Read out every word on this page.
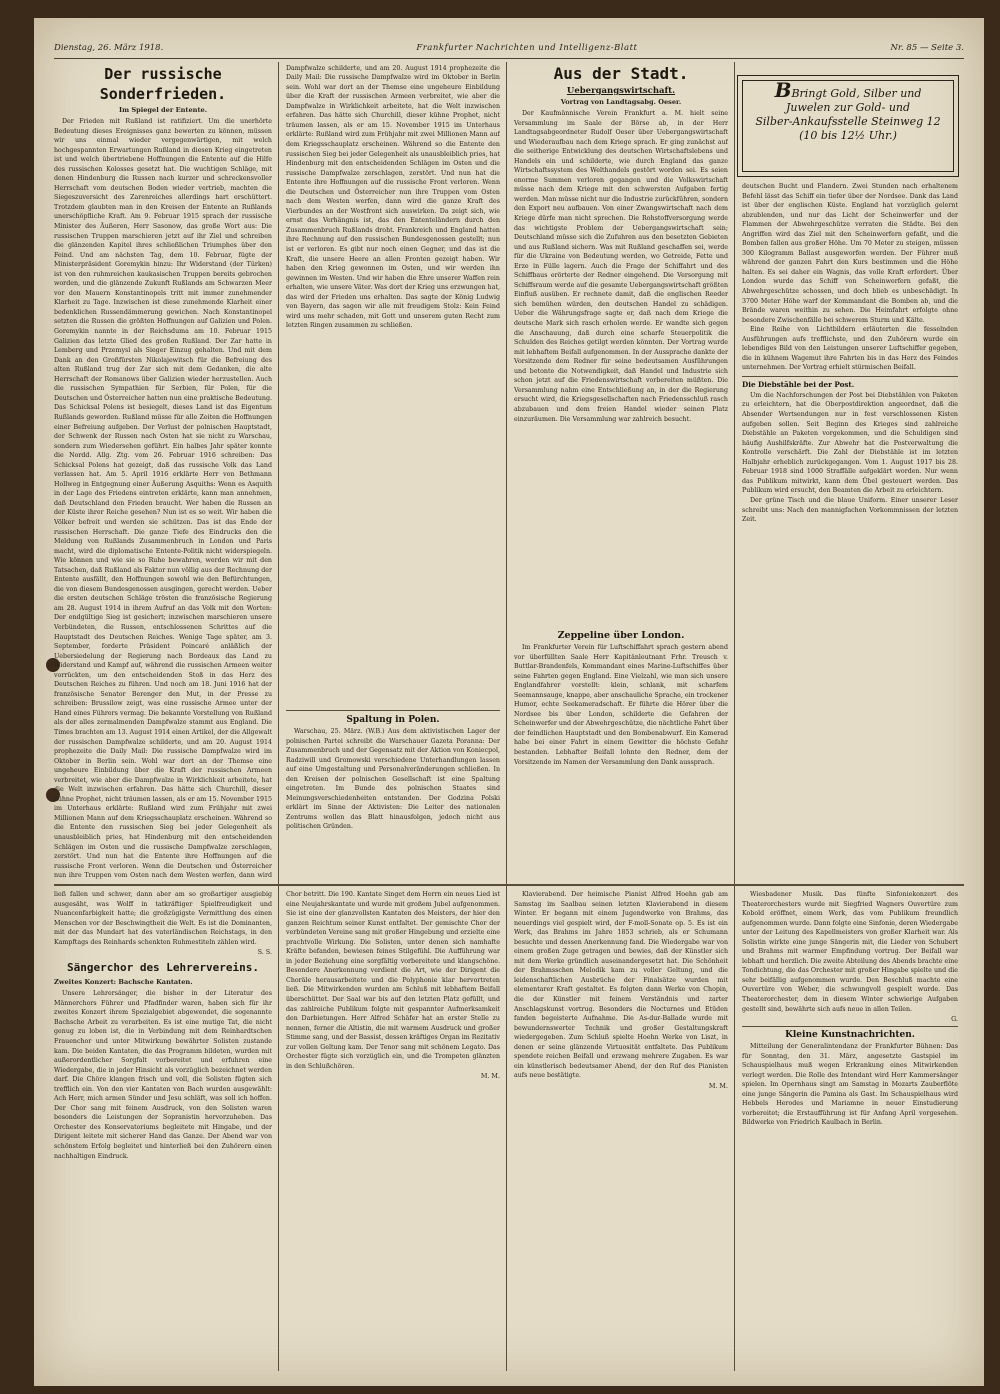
Dienstag, 26. März 1918.	Frankfurter Nachrichten und Intelligenz-Blatt	Nr. 85 — Seite 3.
Der russische Sonderfrieden.
Im Spiegel der Entente.

Der Frieden mit Rußland ist ratifiziert. Um die unerhörte Bedeutung dieses Ereignisses ganz bewerten zu können, müssen wir uns einmal wieder vergegenwärtigen, mit welch hochgespannten Erwartungen Rußland in diesen Krieg eingetreten ist und welch übertriebene Hoffnungen die Entente auf die Hilfe des russischen Kolosses gesetzt hat. Die wuchtigen Schläge, mit denen Hindenburg die Russen nach kurzer und schreckensvoller Herrschaft vom deutschen Boden wieder vertrieb, machten die Siegeszuversicht des Zarenreiches allerdings hart erschüttert. Trotzdem glaubten man in den Kreisen der Entente an Rußlands unerschöpfliche Kraft. Am 9. Februar 1915 sprach der russische Minister des Äußeren, Herr Sasonow, das große Wort aus: Die russischen Truppen marschieren jetzt auf ihr Ziel und schreiben die glänzenden Kapitel ihres schließlichen Triumphes über den Feind. Und am nächsten Tag, dem 10. Februar, fügte der Ministerpräsident Goremykin hinzu: Ihr Widerstand (der Türken) ist von den ruhmreichen kaukasischen Truppen bereits gebrochen worden, und die glänzende Zukunft Rußlands am Schwarzen Meer vor den Mauern Konstantinopels tritt mit immer zunehmender Klarheit zu Tage. Inzwischen ist diese zunehmende Klarheit einer bedenklichen Russendämmerung gewichen. Nach Konstantinopel setzten die Russen die größten Hoffnungen auf Galizien und Polen. Goremykin nannte in der Reichsduma am 10. Februar 1915 Galizien das letzte Glied des großen Rußland. Der Zar hatte in Lemberg und Przemysl als Sieger Einzug gehalten. Und mit dem Dank an den Großfürsten Nikolajewitsch für die Befreiung des alten Rußland trug der Zar sich mit dem Gedanken, die alte Herrschaft der Romanows über Galizien wieder herzustellen. Auch die russischen Sympathien für Serbien, für Polen, für die Deutschen und Österreicher hatten nun eine praktische Bedeutung. Das Schicksal Polens ist besiegelt, dieses Land ist das Eigentum Rußlands geworden. Rußland müsse für alle Zeiten die Hoffnungen einer Befreiung aufgeben. Der Verlust der polnischen Hauptstadt, der Schwenk der Russen nach Osten hat sie nicht zu Warschau, sondern zum Wiedersehen geführt. Ein halbes Jahr später konnte die Nordd. Allg. Ztg. vom 26. Februar 1916 schreiben: Das Schicksal Polens hat gezeigt, daß das russische Volk das Land verlassen hat. Am 5. April 1916 erklärte Herr von Bethmann Hollweg in Entgegnung einer Äußerung Asquiths: Wenn es Asquith in der Lage des Friedens eintreten erklärte, kann man annehmen, daß Deutschland den Frieden braucht. Wer haben die Russen an der Küste ihrer Reiche gesehen? Nun ist es so weit. Wir haben die Völker befreit und werden sie schützen. Das ist das Ende der russischen Herrschaft. Die ganze Tiefe des Eindrucks den die Meldung von Rußlands Zusammenbruch in London und Paris macht, wird die diplomatische Entente-Politik nicht widerspiegeln. Wie können und wie sie so Ruhe bewahren, werden wir mit den Tatsachen, daß Rußland als Faktor nun völlig aus der Rechnung der Entente ausfällt, den Hoffnungen sowohl wie den Befürchtungen, die von diesem Bundesgenossen ausgingen, gerecht werden. Ueber die ersten deutschen Schläge trösten die französische Regierung am 28. August 1914 in ihrem Aufruf an das Volk mit den Worten: Der endgültige Sieg ist gesichert; inzwischen marschieren unsere Verbündeten, die Russen, entschlossenen Schrittes auf die Hauptstadt des Deutschen Reiches. Wenige Tage später, am 3. September, forderte Präsident Poincaré anläßlich der Uebersiedelung der Regierung nach Bordeaux das Land zu Widerstand und Kampf auf, während die russischen Armeen weiter vorrückten, um den entscheidenden Stoß in das Herz des Deutschen Reiches zu führen. Und noch am 18. Juni 1916 hat der französische Senator Berenger den Mut, in der Presse zu schreiben: Brussilow zeigt, was eine russische Armee unter der Hand eines Führers vermag. Die bekannte Vorstellung von Rußland als der alles zermalmenden Dampfwalze stammt aus England. Die Times brachten am 13. August 1914 einen Artikel, der die Allgewalt der russischen Dampfwalze schilderte, und am 20. August 1914 prophezeite die Daily Mail: Die russische Dampfwalze wird im Oktober in Berlin sein. Wohl war dort an der Themse eine ungeheure Einbildung über die Kraft der russischen Armeen verbreitet, wie aber die Dampfwalze in Wirklichkeit arbeitete, hat die Welt inzwischen erfahren. Das hätte sich Churchill, dieser kühne Prophet, nicht träumen lassen, als er am 15. November 1915 im Unterhaus erklärte: Rußland wird zum Frühjahr mit zwei Millionen Mann auf dem Kriegsschauplatz erscheinen. Während so die Entente den russischen Sieg bei jeder Gelegenheit als unausbleiblich pries, hat Hindenburg mit den entscheidenden Schlägen im Osten und die russische Dampfwalze zerschlagen, zerstört. Und nun hat die Entente ihre Hoffnungen auf die russische Front verloren. Wenn die Deutschen und Österreicher nun ihre Truppen vom Osten nach dem Westen werfen, dann wird

Dampfwalze schilderte, und am 20. August 1914 prophezeite die Daily Mail: Die russische Dampfwalze wird im Oktober in Berlin sein. Wohl war dort an der Themse eine ungeheure Einbildung über die Kraft der russischen Armeen verbreitet, wie aber die Dampfwalze in Wirklichkeit arbeitete, hat die Welt inzwischen erfahren. Das hätte sich Churchill, dieser kühne Prophet, nicht träumen lassen, als er am 15. November 1915 im Unterhaus erklärte: Rußland wird zum Frühjahr mit zwei Millionen Mann auf dem Kriegsschauplatz erscheinen. Während so die Entente den russischen Sieg bei jeder Gelegenheit als unausbleiblich pries, hat Hindenburg mit den entscheidenden Schlägen im Osten und die russische Dampfwalze zerschlagen, zerstört. Und nun hat die Entente ihre Hoffnungen auf die russische Front verloren. Wenn die Deutschen und Österreicher nun ihre Truppen vom Osten nach dem Westen werfen, dann wird die ganze Kraft des Vierbundes an der Westfront sich auswirken. Da zeigt sich, wie ernst das Verhängnis ist, das den Ententeländern durch den Zusammenbruch Rußlands droht. Frankreich und England hatten ihre Rechnung auf den russischen Bundesgenossen gestellt; nun ist er verloren. Es gibt nur noch einen Gegner, und das ist die Kraft, die unsere Heere an allen Fronten gezeigt haben. Wir haben den Krieg gewonnen im Osten, und wir werden ihn gewinnen im Westen. Und wir haben die Ehre unserer Waffen rein erhalten, wie unsere Väter. Was dort der Krieg uns erzwungen hat, das wird der Frieden uns erhalten. Das sagte der König Ludwig von Bayern, das sagen wir alle mit freudigem Stolz: Kein Feind wird uns mehr schaden, mit Gott und unserem guten Recht zum letzten Ringen zusammen zu schließen.

Spaltung in Polen.

Warschau, 25. März. (W.B.) Aus dem aktivistischen Lager der polnischen Partei schreibt die Warschauer Gazeta Poranna: Der Zusammenbruch und der Gegensatz mit der Aktion von Koniecpol, Radziwill und Gromowski verschiedene Unterhandlungen lassen auf eine Umgestaltung und Personalveränderungen schließen. In den Kreisen der polnischen Gesellschaft ist eine Spaltung eingetreten. Im Bunde des polnischen Staates sind Meinungsverschiedenheiten entstanden. Der Godzina Polski erklärt im Sinne der Aktivisten: Die Leiter des nationalen Zentrums wollen das Blatt hinausfolgen, jedoch nicht aus politischen Gründen.

Aus der Stadt.
Uebergangswirtschaft.
Vortrag von Landtagsabg. Oeser.

Der Kaufmännische Verein Frankfurt a. M. hielt seine Versammlung im Saale der Börse ab, in der Herr Landtagsabgeordneter Rudolf Oeser über Uebergangswirtschaft und Wiederaufbau nach dem Kriege sprach. Er ging zunächst auf die seitherige Entwicklung des deutschen Wirtschaftslebens und Handels ein und schilderte, wie durch England das ganze Wirtschaftssystem des Welthandels gestört worden sei. Es seien enorme Summen verloren gegangen und die Volkswirtschaft müsse nach dem Kriege mit den schwersten Aufgaben fertig werden. Man müsse nicht nur die Industrie zurückführen, sondern den Export neu aufbauen. Von einer Zwangswirtschaft nach dem Kriege dürfe man nicht sprechen. Die Rohstoffversorgung werde das wichtigste Problem der Uebergangswirtschaft sein; Deutschland müsse sich die Zufuhren aus den besetzten Gebieten und aus Rußland sichern. Was mit Rußland geschaffen sei, werde für die Ukraine von Bedeutung werden, wo Getreide, Fette und Erze in Fülle lagern. Auch die Frage der Schiffahrt und des Schiffbaus erörterte der Redner eingehend. Die Versorgung mit Schiffsraum werde auf die gesamte Uebergangswirtschaft größten Einfluß ausüben. Er rechnete damit, daß die englischen Reeder sich bemühen würden, den deutschen Handel zu schädigen. Ueber die Währungsfrage sagte er, daß nach dem Kriege die deutsche Mark sich rasch erholen werde. Er wandte sich gegen die Anschauung, daß durch eine scharfe Steuerpolitik die Schulden des Reiches getilgt werden könnten. Der Vortrag wurde mit lebhaftem Beifall aufgenommen. In der Aussprache dankte der Vorsitzende dem Redner für seine bedeutsamen Ausführungen und betonte die Notwendigkeit, daß Handel und Industrie sich schon jetzt auf die Friedenswirtschaft vorbereiten müßten. Die Versammlung nahm eine Entschließung an, in der die Regierung ersucht wird, die Kriegsgesellschaften nach Friedensschluß rasch abzubauen und dem freien Handel wieder seinen Platz einzuräumen. Die Versammlung war zahlreich besucht.

Zeppeline über London.

Im Frankfurter Verein für Luftschiffahrt sprach gestern abend vor überfüllten Saale Herr Kapitänleutnant Frhr. Treusch v. Buttlar-Brandenfels, Kommandant eines Marine-Luftschiffes über seine Fahrten gegen England. Eine Vielzahl, wie man sich unsere Englandfahrer vorstellt: klein, schlank, mit scharfem Seemannsauge, knappe, aber anschauliche Sprache, ein trockener Humor, echte Seekameradschaft. Er führte die Hörer über die Nordsee bis über London, schilderte die Gefahren der Scheinwerfer und der Abwehrgeschütze, die nächtliche Fahrt über der feindlichen Hauptstadt und den Bombenabwurf. Ein Kamerad habe bei einer Fahrt in einem Gewitter die höchste Gefahr bestanden. Lebhafter Beifall lohnte den Redner, dem der Vorsitzende im Namen der Versammlung den Dank aussprach.

BBringt Gold, Silber und
Juwelen zur Gold- und
Silber-Ankaufsstelle Steinweg 12
(10 bis 12½ Uhr.)

deutschen Bucht und Flandern. Zwei Stunden nach erhaltenem Befehl lässt das Schiff ein tiefer über der Nordsee. Dank das Land ist über der englischen Küste. England hat vorzüglich gelernt abzublenden, und nur das Licht der Scheinwerfer und der Flammen der Abwehrgeschütze verraten die Städte. Bei den Angriffen wird das Ziel mit den Scheinwerfern gefaßt, und die Bomben fallen aus großer Höhe. Um 70 Meter zu steigen, müssen 300 Kilogramm Ballast ausgeworfen werden. Der Führer muß während der ganzen Fahrt den Kurs bestimmen und die Höhe halten. Es sei daher ein Wagnis, das volle Kraft erfordert. Über London wurde das Schiff von Scheinwerfern gefaßt, die Abwehrgeschütze schossen, und doch blieb es unbeschädigt. In 3700 Meter Höhe warf der Kommandant die Bomben ab, und die Brände waren weithin zu sehen. Die Heimfahrt erfolgte ohne besondere Zwischenfälle bei schwerem Sturm und Kälte.

Eine Reihe von Lichtbildern erläuterten die fesselnden Ausführungen aufs trefflichste, und den Zuhörern wurde ein lebendiges Bild von den Leistungen unserer Luftschiffer gegeben, die in kühnem Wagemut ihre Fahrten bis in das Herz des Feindes unternehmen. Der Vortrag erhielt stürmischen Beifall.

Die Diebstähle bei der Post.

Um die Nachforschungen der Post bei Diebstählen von Paketen zu erleichtern, hat die Oberpostdirektion angeordnet, daß die Absender Wertsendungen nur in fest verschlossenen Kisten aufgeben sollen. Seit Beginn des Krieges sind zahlreiche Diebstähle an Paketen vorgekommen, und die Schuldigen sind häufig Aushilfskräfte. Zur Abwehr hat die Postverwaltung die Kontrolle verschärft. Die Zahl der Diebstähle ist im letzten Halbjahr erheblich zurückgegangen. Vom 1. August 1917 bis 28. Februar 1918 sind 1000 Straffälle aufgeklärt worden. Nur wenn das Publikum mitwirkt, kann dem Übel gesteuert werden. Das Publikum wird ersucht, den Beamten die Arbeit zu erleichtern.

Der grüne Tisch und die blaue Uniform. Einer unserer Leser schreibt uns: Nach den mannigfachen Vorkommnissen der letzten Zeit.

ließ fallen und schwer, dann aber am so großartiger ausgiebig ausgesäht, was Wolff in tatkräftiger Spielfreudigkeit und Nuancenfarbigkeit hatte; die großzügigste Vermittlung des einen Menschen vor der Beschwingtheit die Welt. Es ist die Dominanten, mit der das Mundart hat des vaterländischen Reichstags, in den Kampftags des Reinhards schenkten Ruhmestiteln zählen wird.

S. S.
Sängerchor des Lehrervereins.
Zweites Konzert: Bachsche Kantaten.

Unsere Lehrersänger, die bisher in der Literatur des Männerchors Führer und Pfadfinder waren, haben sich für ihr zweites Konzert ihrem Spezialgebiet abgewendet, die sogenannte Bachsche Arbeit zu verarbeiten. Es ist eine mutige Tat, die nicht genug zu loben ist, die in Verbindung mit dem Reinhardtschen Frauenchor und unter Mitwirkung bewährter Solisten zustande kam. Die beiden Kantaten, die das Programm bildeten, wurden mit außerordentlicher Sorgfalt vorbereitet und erfuhren eine Wiedergabe, die in jeder Hinsicht als vorzüglich bezeichnet werden darf. Die Chöre klangen frisch und voll, die Solisten fügten sich trefflich ein. Von den vier Kantaten von Bach wurden ausgewählt: Ach Herr, mich armen Sünder und Jesu schläft, was soll ich hoffen. Der Chor sang mit feinem Ausdruck, von den Solisten waren besonders die Leistungen der Sopranistin hervorzuheben. Das Orchester des Konservatoriums begleitete mit Hingabe, und der Dirigent leitete mit sicherer Hand das Ganze. Der Abend war von schönstem Erfolg begleitet und hinterließ bei den Zuhörern einen nachhaltigen Eindruck.

Chor betritt. Die 190. Kantate Singet dem Herrn ein neues Lied ist eine Neujahrskantate und wurde mit großem Jubel aufgenommen. Sie ist eine der glanzvollsten Kantaten des Meisters, der hier den ganzen Reichtum seiner Kunst entfaltet. Der gemischte Chor der verbündeten Vereine sang mit großer Hingebung und erzielte eine prachtvolle Wirkung. Die Solisten, unter denen sich namhafte Kräfte befanden, bewiesen feines Stilgefühl. Die Aufführung war in jeder Beziehung eine sorgfältig vorbereitete und klangschöne. Besondere Anerkennung verdient die Art, wie der Dirigent die Choräle herausarbeitete und die Polyphonie klar hervortreten ließ. Die Mitwirkenden wurden am Schluß mit lebhaftem Beifall überschüttet. Der Saal war bis auf den letzten Platz gefüllt, und das zahlreiche Publikum folgte mit gespannter Aufmerksamkeit den Darbietungen. Herr Alfred Schäfer hat an erster Stelle zu nennen, ferner die Altistin, die mit warmem Ausdruck und großer Stimme sang, und der Bassist, dessen kräftiges Organ im Rezitativ zur vollen Geltung kam. Der Tenor sang mit schönem Legato. Das Orchester fügte sich vorzüglich ein, und die Trompeten glänzten in den Schlußchören.

M. M.

Klavierabend. Der heimische Pianist Alfred Hoehn gab am Samstag im Saalbau seinen letzten Klavierabend in diesem Winter. Er begann mit einem Jugendwerke von Brahms, das neuerdings viel gespielt wird, der F-moll-Sonate op. 5. Es ist ein Werk, das Brahms im Jahre 1853 schrieb, als er Schumann besuchte und dessen Anerkennung fand. Die Wiedergabe war von einem großen Zuge getragen und bewies, daß der Künstler sich mit dem Werke gründlich auseinandergesetzt hat. Die Schönheit der Brahmsschen Melodik kam zu voller Geltung, und die leidenschaftlichen Ausbrüche der Finalsätze wurden mit elementarer Kraft gestaltet. Es folgten dann Werke von Chopin, die der Künstler mit feinem Verständnis und zarter Anschlagskunst vortrug. Besonders die Nocturnes und Etüden fanden begeisterte Aufnahme. Die As-dur-Ballade wurde mit bewundernswerter Technik und großer Gestaltungskraft wiedergegeben. Zum Schluß spielte Hoehn Werke von Liszt, in denen er seine glänzende Virtuosität entfaltete. Das Publikum spendete reichen Beifall und erzwang mehrere Zugaben. Es war ein künstlerisch bedeutsamer Abend, der den Ruf des Pianisten aufs neue bestätigte.

M. M.

Wiesbadener Musik. Das fünfte Sinfoniekonzert des Theaterorchesters wurde mit Siegfried Wagners Ouvertüre zum Kobold eröffnet, einem Werk, das vom Publikum freundlich aufgenommen wurde. Dann folgte eine Sinfonie, deren Wiedergabe unter der Leitung des Kapellmeisters von großer Klarheit war. Als Solistin wirkte eine junge Sängerin mit, die Lieder von Schubert und Brahms mit warmer Empfindung vortrug. Der Beifall war lebhaft und herzlich. Die zweite Abteilung des Abends brachte eine Tondichtung, die das Orchester mit großer Hingabe spielte und die sehr beifällig aufgenommen wurde. Den Beschluß machte eine Ouvertüre von Weber, die schwungvoll gespielt wurde. Das Theaterorchester, dem in diesem Winter schwierige Aufgaben gestellt sind, bewährte sich aufs neue in allen Teilen.

G.
Kleine Kunstnachrichten.

Mitteilung der Generalintendanz der Frankfurter Bühnen: Das für Sonntag, den 31. März, angesetzte Gastspiel im Schauspielhaus muß wegen Erkrankung eines Mitwirkenden verlegt werden. Die Rolle des Intendant wird Herr Kammersänger spielen. Im Opernhaus singt am Samstag in Mozarts Zauberflöte eine junge Sängerin die Pamina als Gast. Im Schauspielhaus wird Hebbels Herodes und Mariamne in neuer Einstudierung vorbereitet; die Erstaufführung ist für Anfang April vorgesehen. Bildwerke von Friedrich Kaulbach in Berlin.
